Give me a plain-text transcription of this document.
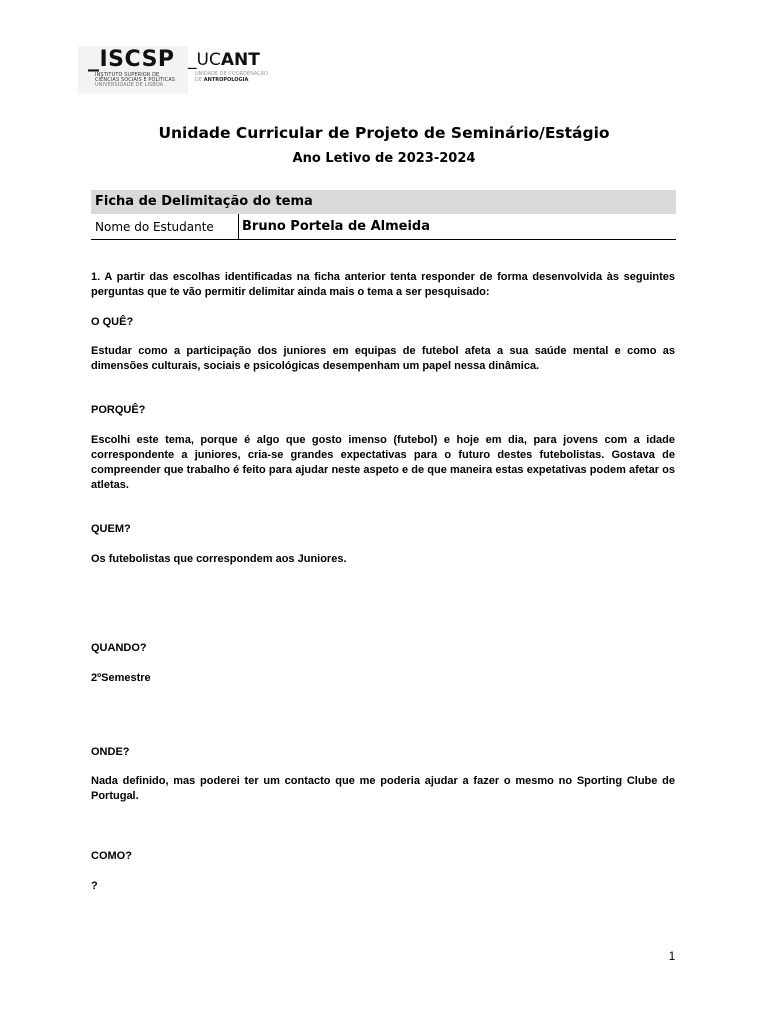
_ISCSP
INSTITUTO SUPERIOR DE
CIÊNCIAS SOCIAIS E POLÍTICAS
UNIVERSIDADE DE LISBOA
_UCANT
UNIDADE DE COORDENAÇÃO
DE ANTROPOLOGIA
Unidade Curricular de Projeto de Seminário/Estágio
Ano Letivo de 2023-2024
Ficha de Delimitação do tema
Nome do Estudante	Bruno Portela de Almeida
1. A partir das escolhas identificadas na ficha anterior tenta responder de forma desenvolvida às seguintes perguntas que te vão permitir delimitar ainda mais o tema a ser pesquisado:
O QUÊ?
Estudar como a participação dos juniores em equipas de futebol afeta a sua saúde mental e como as dimensões culturais, sociais e psicológicas desempenham um papel nessa dinâmica.
PORQUÊ?
Escolhi este tema, porque é algo que gosto imenso (futebol) e hoje em dia, para jovens com a idade correspondente a juniores, cria-se grandes expectativas para o futuro destes futebolistas. Gostava de compreender que trabalho é feito para ajudar neste aspeto e de que maneira estas expetativas podem afetar os atletas.
QUEM?
Os futebolistas que correspondem aos Juniores.
QUANDO?
2ºSemestre
ONDE?
Nada definido, mas poderei ter um contacto que me poderia ajudar a fazer o mesmo no Sporting Clube de Portugal.
COMO?
?
1
